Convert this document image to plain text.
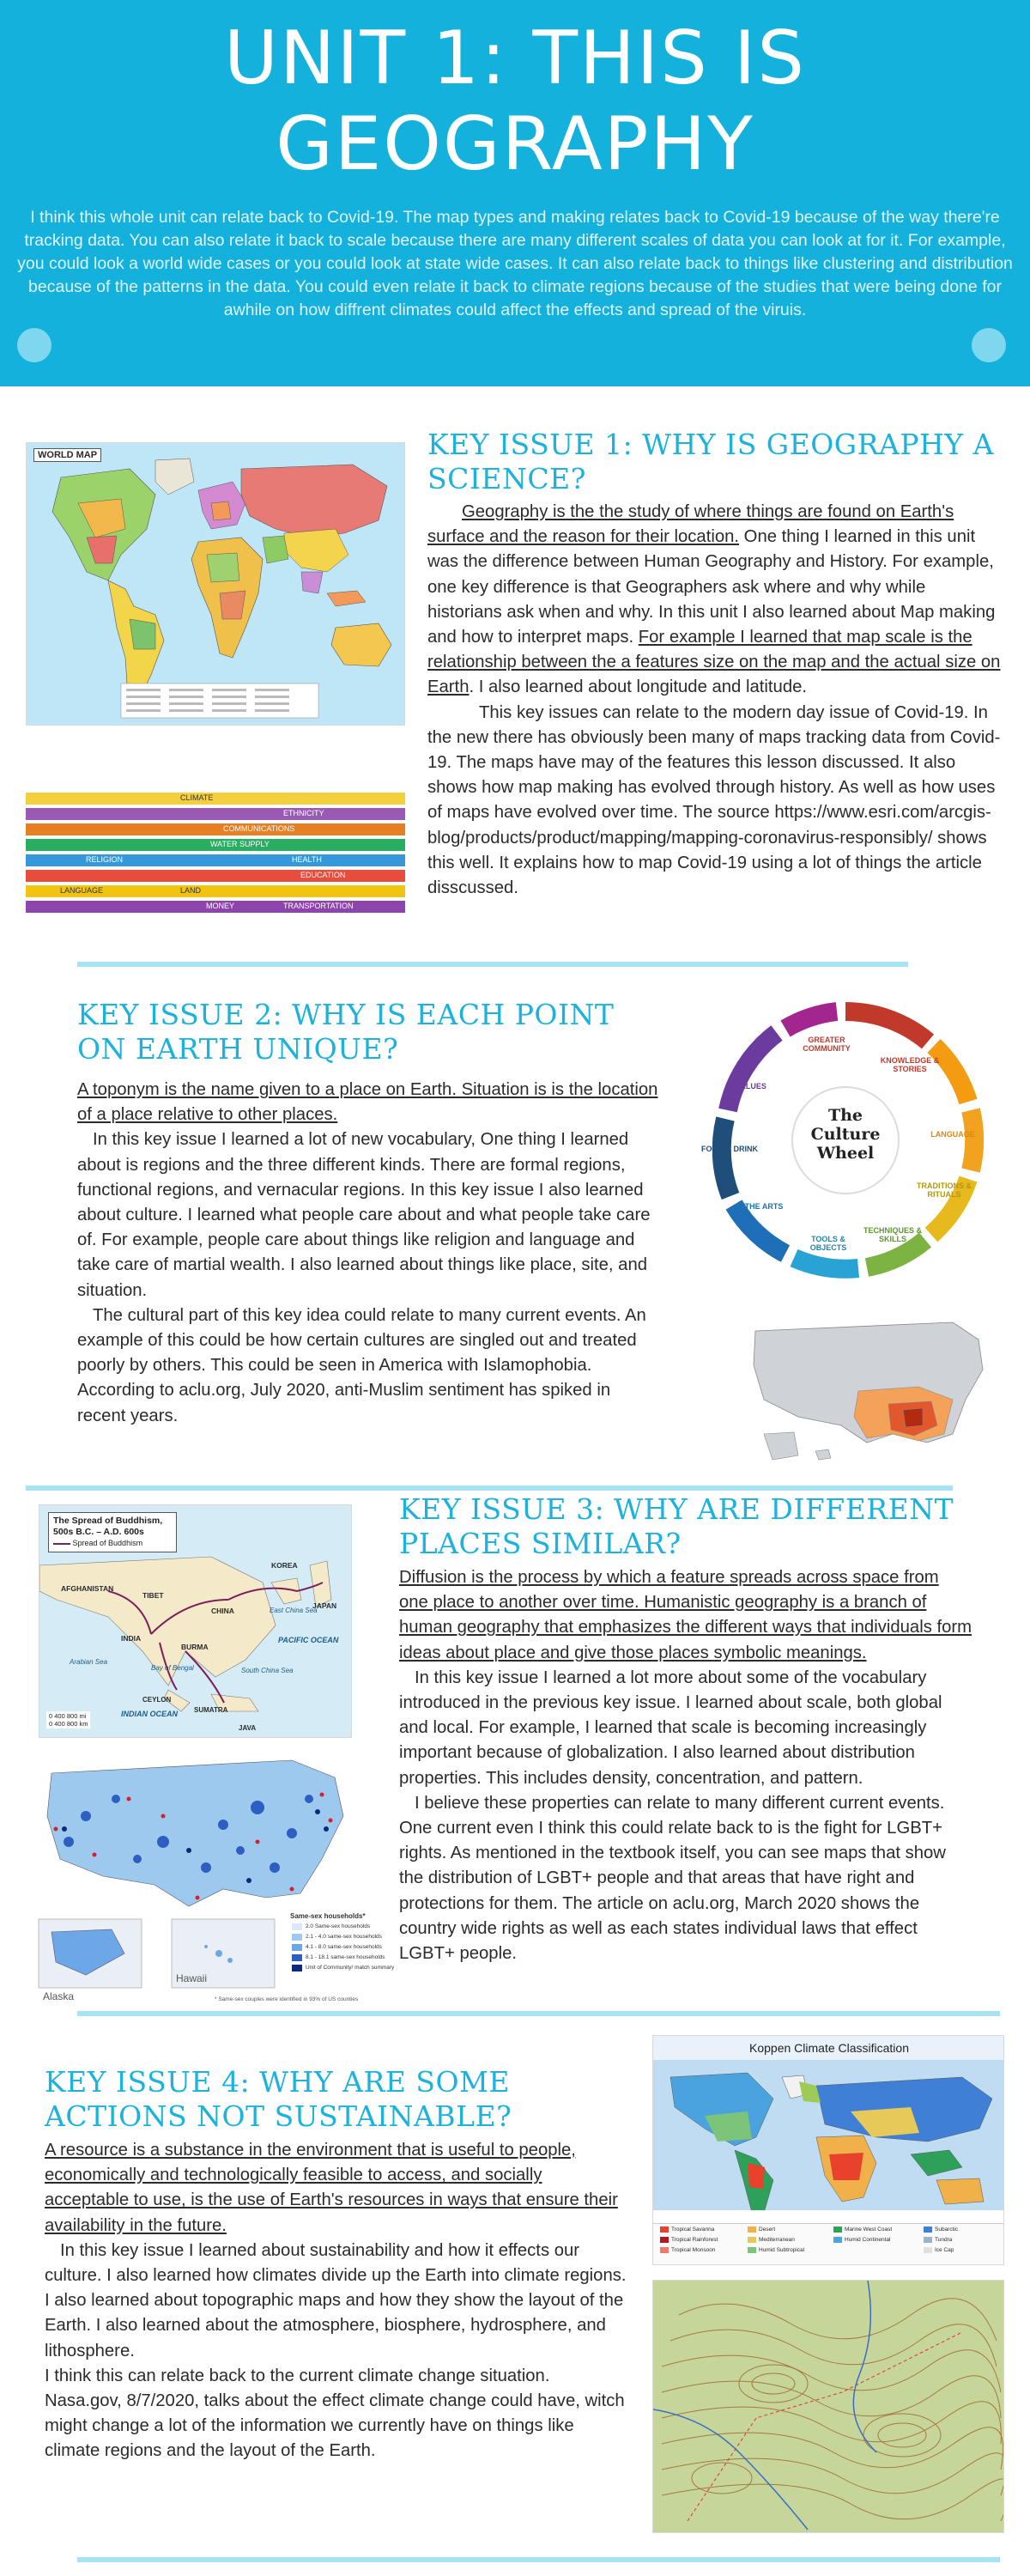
UNIT 1: THIS IS
GEOGRAPHY
I think this whole unit can relate back to Covid-19. The map types and making relates back to Covid-19 because of the way there're tracking data. You can also relate it back to scale because there are many different scales of data you can look at for it. For example, you could look a world wide cases or you could look at state wide cases. It can also relate back to things like clustering and distribution because of the patterns in the data. You could even relate it back to climate regions because of the studies that were being done for awhile on how diffrent climates could affect the effects and spread of the viruis.
WORLD MAP
CLIMATE
ETHNICITY
COMMUNICATIONS
WATER SUPPLY
RELIGION	HEALTH
LANGUAGE	LAND
EDUCATION
MONEY	TRANSPORTATION
KEY ISSUE 1: WHY IS GEOGRAPHY A SCIENCE?

Geography is the the study of where things are found on Earth's surface and the reason for their location. One thing I learned in this unit was the difference between Human Geography and History. For example, one key difference is that Geographers ask where and why while historians ask when and why. In this unit I also learned about Map making and how to interpret maps. For example I learned that map scale is the relationship between the a features size on the map and the actual size on Earth. I also learned about longitude and latitude.

This key issues can relate to the modern day issue of Covid-19. In the new there has obviously been many of maps tracking data from Covid-19. The maps have may of the features this lesson discussed. It also shows how map making has evolved through history. As well as how uses of maps have evolved over time. The source https://www.esri.com/arcgis-blog/products/product/mapping/mapping-coronavirus-responsibly/ shows this well. It explains how to map Covid-19 using a lot of things the article disscussed.

KEY ISSUE 2: WHY IS EACH POINT ON EARTH UNIQUE?

A toponym is the name given to a place on Earth. Situation is is the location of a place relative to other places.

In this key issue I learned a lot of new vocabulary, One thing I learned about is regions and the three different kinds. There are formal regions, functional regions, and vernacular regions. In this key issue I also learned about culture. I learned what people care about and what people take care of. For example, people care about things like religion and language and take care of martial wealth. I also learned about things like place, site, and situation.

The cultural part of this key idea could relate to many current events. An example of this could be how certain cultures are singled out and treated poorly by others. This could be seen in America with Islamophobia. According to aclu.org, July 2020, anti-Muslim sentiment has spiked in recent years.

The
Culture
Wheel
GREATER COMMUNITY
KNOWLEDGE & STORIES
LANGUAGE
TRADITIONS & RITUALS
TECHNIQUES & SKILLS
TOOLS & OBJECTS
THE ARTS
FOOD & DRINK
VALUES
The Spread of Buddhism, 500s B.C. – A.D. 600s
Spread of Buddhism
AFGHANISTAN
TIBET
CHINA
KOREA
JAPAN
INDIA
BURMA
Bay of Bengal
Arabian Sea
CEYLON
SUMATRA
JAVA
INDIAN OCEAN
PACIFIC OCEAN
South China Sea
East China Sea
0 400 800 mi
0 400 800 km
Alaska
Hawaii
Same-sex households*
2.0 Same-sex households
2.1 - 4.0 same-sex households
4.1 - 8.0 same-sex households
8.1 - 18.1 same-sex households
Unit of Community/ match summary
* Same-sex couples were identified in 93% of US counties
KEY ISSUE 3: WHY ARE DIFFERENT PLACES SIMILAR?

Diffusion is the process by which a feature spreads across space from one place to another over time. Humanistic geography is a branch of human geography that emphasizes the different ways that individuals form ideas about place and give those places symbolic meanings.

In this key issue I learned a lot more about some of the vocabulary introduced in the previous key issue. I learned about scale, both global and local. For example, I learned that scale is becoming increasingly important because of globalization. I also learned about distribution properties. This includes density, concentration, and pattern.

I believe these properties can relate to many different current events. One current even I think this could relate back to is the fight for LGBT+ rights. As mentioned in the textbook itself, you can see maps that show the distribution of LGBT+ people and that areas that have right and protections for them. The article on aclu.org, March 2020 shows the country wide rights as well as each states individual laws that effect LGBT+ people.

KEY ISSUE 4: WHY ARE SOME ACTIONS NOT SUSTAINABLE?

A resource is a substance in the environment that is useful to people, economically and technologically feasible to access, and socially acceptable to use, is the use of Earth's resources in ways that ensure their availability in the future.

In this key issue I learned about sustainability and how it effects our culture. I also learned how climates divide up the Earth into climate regions. I also learned about topographic maps and how they show the layout of the Earth. I also learned about the atmosphere, biosphere, hydrosphere, and lithosphere.

I think this can relate back to the current climate change situation. Nasa.gov, 8/7/2020, talks about the effect climate change could have, witch might change a lot of the information we currently have on things like climate regions and the layout of the Earth.

Koppen Climate Classification
Tropical Savanna
Tropical Rainforest
Tropical Monsoon
Desert
Mediterranean
Humid Subtropical
Marine West Coast
Humid Continental
Subarctic
Tundra
Ice Cap
